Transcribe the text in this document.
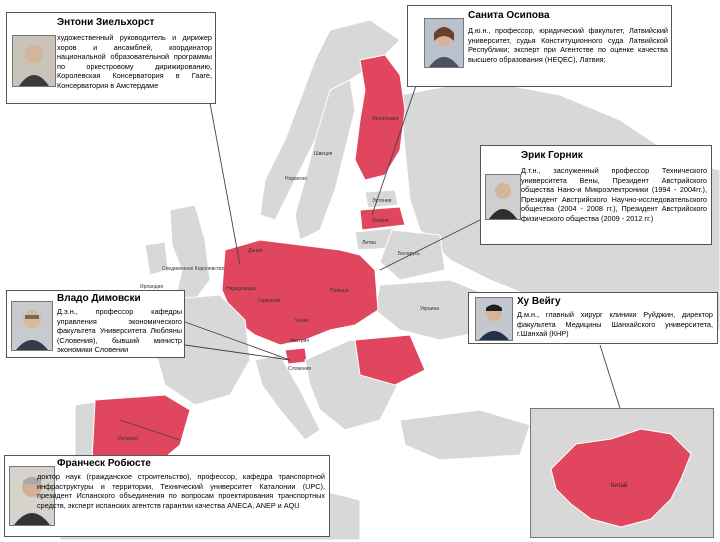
Финляндия
Швеция
Норвегия
Эстония
Латвия
Литва
Беларусь
Соединенное Королевство
Ирландия
Дания
Нидерланды
Германия
Польша
Чехия
Австрия
Словения
Украина
Испания
Китай
Энтони Зиельхорст
художественный руководитель и дирижер хоров и ансамблей, координатор национальной образовательной программы по оркестровому дирижированию, Королевская Консерватория в Гааге, Консерватория в Амстердаме
Санита Осипова
Д.ю.н., профессор, юридический факультет, Латвийский университет, судья Конституционного суда Латвийской Республики; эксперт при Агентстве по оценке качества высшего образования (HEQEC), Латвия;
Эрик Горник
Д.т.н., заслуженный профессор Технического университета Вены, Президент Австрийского общества Нано-и Микроэлектроники (1994 - 2004гг.), Президент Австрийского Научно-исследовательского общества (2004 - 2008 гг.), Президент Австрийского физического общества (2009 - 2012 гг.)
Владо Димовски
Д.э.н., профессор кафедры управления экономического факультета Университета Любляны (Словения), бывший министр экономики Словении
Ху Вейгу
Д.м.н., главный хирург клиники Руйджин, директор факультета Медицины Шанхайского университета, г.Шанхай (КНР)
Франческ Робюсте
доктор наук (гражданское строительство), профессор, кафедра транспортной инфраструктуры и территории, Технический университет Каталонии (UPC), президент Испанского объединения по вопросам проектирования транспортных средств, эксперт испанских агентств гарантии качества ANECA, ANEP и AQU
